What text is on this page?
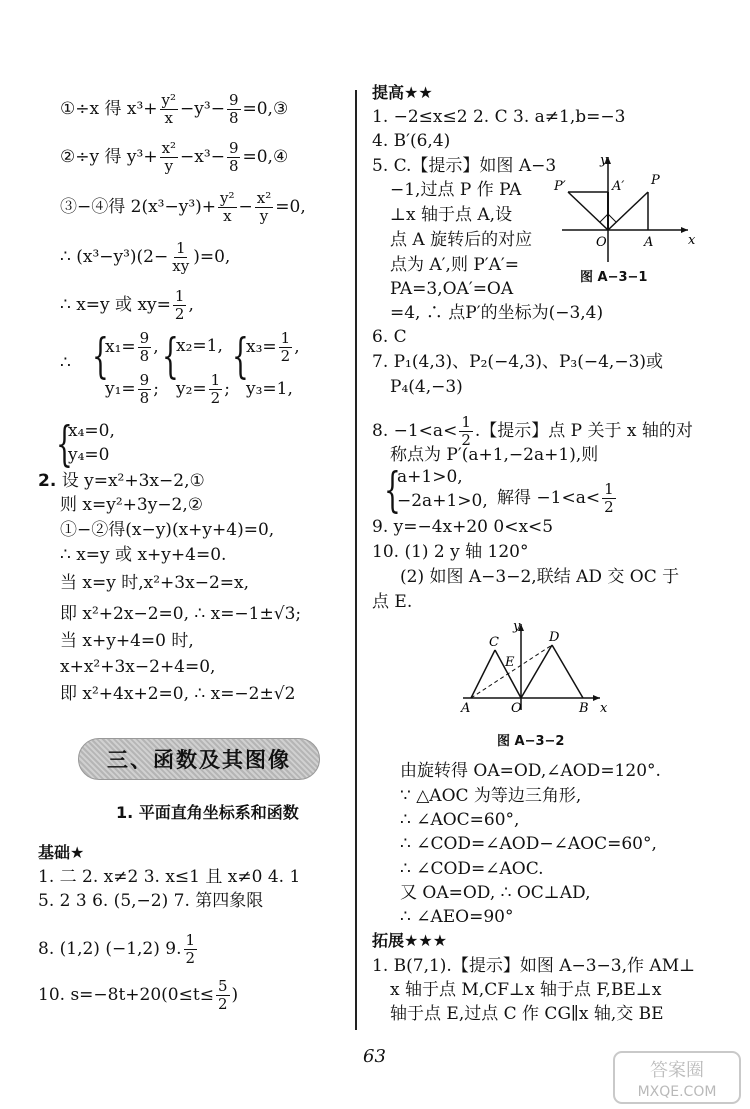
①÷x 得 $x^3+ \frac{\text{y²}}{x} -y^3- \frac{9}{8}$ =0,③
②÷y 得 $y^3+ \frac{\text{x²}}{y} -x^3- \frac{9}{8}$ =0,④
③−④得 $2(x^3-y^3)+ \frac{\text{y²}}{x} - \frac{\text{x²}}{y} =0$,
∴ $(x^3-y^3)(2- \frac{1}{xy} )=0$,
∴ x=y 或 $xy= \frac{1}{2}$ ,
∴ {
$x_1= \frac{9}{8}$ ,
$y_1= \frac{9}{8}$ ;
{
x₂=1,
$y_2= \frac{1}{2}$ ;
{
$x_3= \frac{1}{2}$ ,
y₃=1,
{
x₄=0,
y₄=0
2. 设 y=x²+3x−2,①
则 x=y²+3y−2,②
①−②得(x−y)(x+y+4)=0,
∴ x=y 或 x+y+4=0.
当 x=y 时,x²+3x−2=x,
即 x²+2x−2=0, ∴ x=−1±√3;
当 x+y+4=0 时,
x+x²+3x−2+4=0,
即 x²+4x+2=0, ∴ x=−2±√2
三、函数及其图像
1. 平面直角坐标系和函数
基础★
1. 二 2. x≠2 3. x≤1 且 x≠0 4. 1
5. 2 3 6. (5,−2) 7. 第四象限
8. (1,2) (−1,2) 9. $\frac{1}{2}$
10. $s=-8t+20(0\le t\le \frac{5}{2}$ )
提高★★
1. −2≤x≤2 2. C 3. a≠1,b=−3
4. B′(6,4)
5. C.【提示】如图 A−3
−1,过点 P 作 PA
⊥x 轴于点 A,设
点 A 旋转后的对应
点为 A′,则 P′A′=
PA=3,OA′=OA
=4, ∴ 点P′的坐标为(−3,4)
y
x
P
P′	A′
O	A
图 A−3−1
6. C
7. P₁(4,3)、P₂(−4,3)、P₃(−4,−3)或
P₄(4,−3)
8. $-1<a< \frac{1}{2}$ .【提示】点 P 关于 x 轴的对
称点为 P′(a+1,−2a+1),则
{
a+1>0,
−2a+1>0, 解得 $-1<a< \frac{1}{2}$
9. y=−4x+20 0<x<5
10. (1) 2 y 轴 120°
(2) 如图 A−3−2,联结 AD 交 OC 于
点 E.
y
x
C	D
E
A	O	B
图 A−3−2
由旋转得 OA=OD,∠AOD=120°.
∵ △AOC 为等边三角形,
∴ ∠AOC=60°,
∴ ∠COD=∠AOD−∠AOC=60°,
∴ ∠COD=∠AOC.
又 OA=OD, ∴ OC⊥AD,
∴ ∠AEO=90°
拓展★★★
1. B(7,1).【提示】如图 A−3−3,作 AM⊥
x 轴于点 M,CF⊥x 轴于点 F,BE⊥x
轴于点 E,过点 C 作 CG∥x 轴,交 BE
63
答案圈
MXQE.COM
